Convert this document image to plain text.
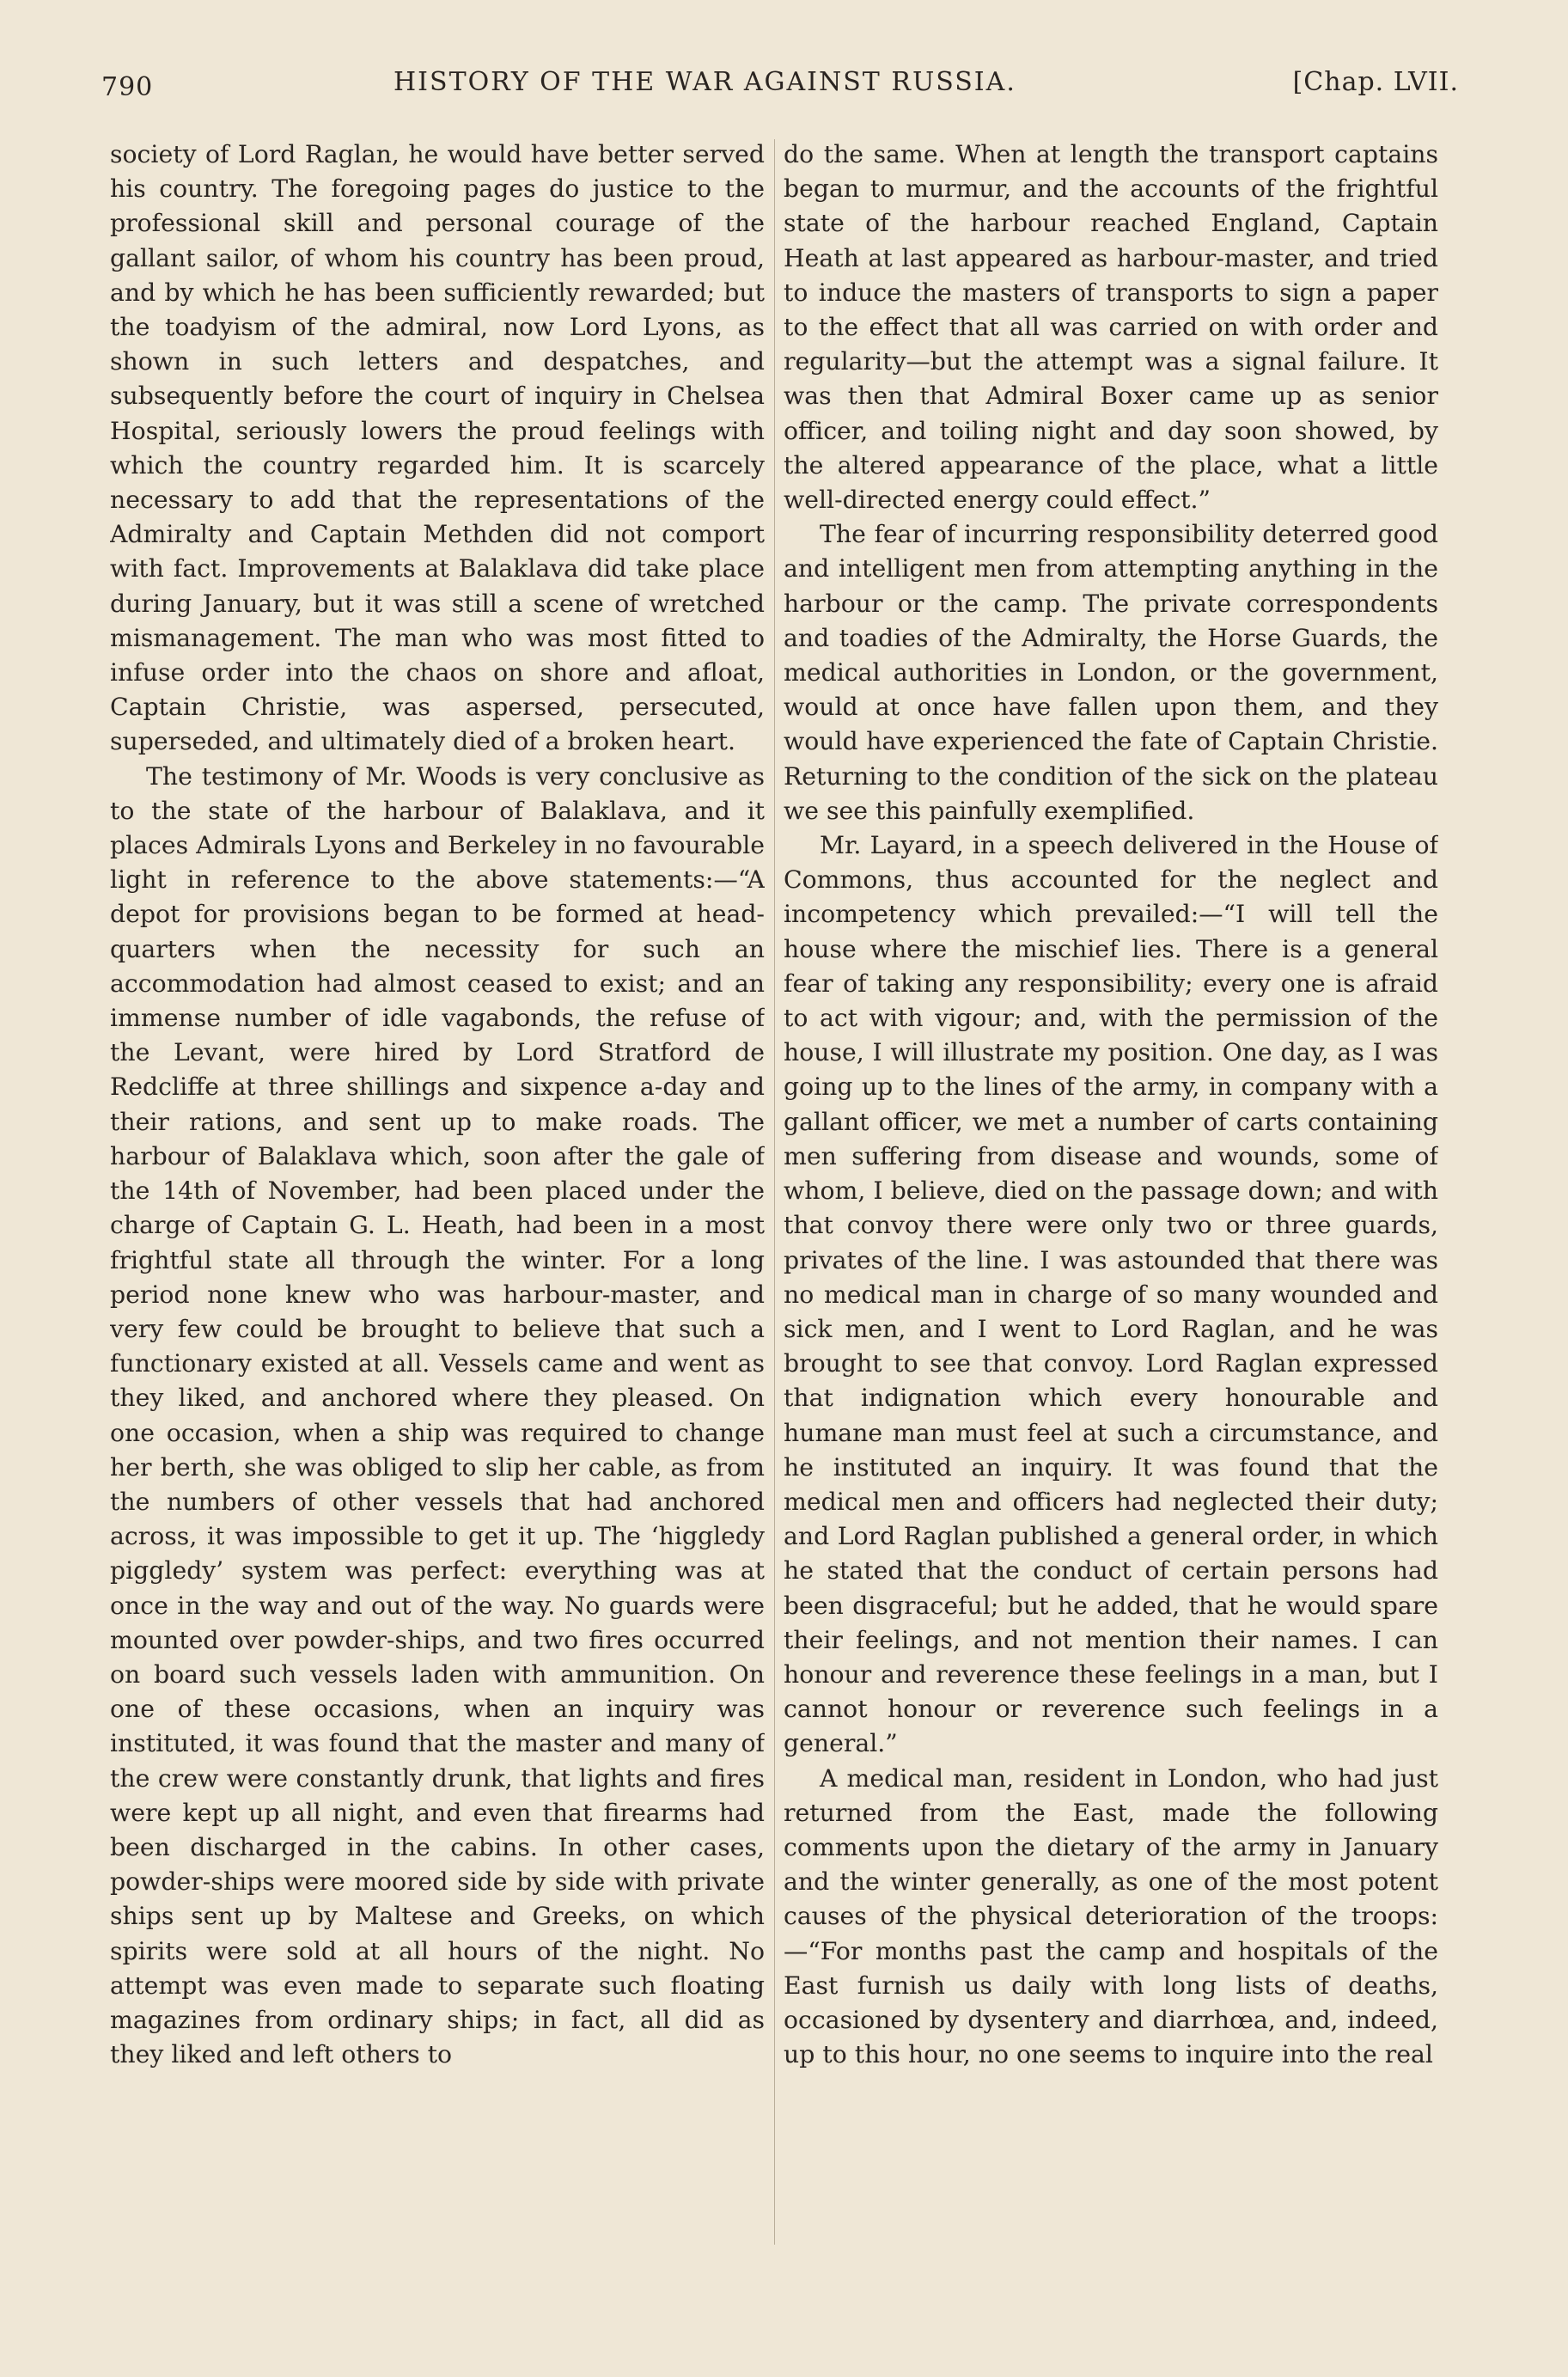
790	HISTORY OF THE WAR AGAINST RUSSIA.	[Chap. LVII.

society of Lord Raglan, he would have better served his country. The foregoing pages do justice to the professional skill and personal courage of the gallant sailor, of whom his country has been proud, and by which he has been sufficiently rewarded; but the toadyism of the admiral, now Lord Lyons, as shown in such letters and despatches, and subsequently before the court of inquiry in Chelsea Hospital, seriously lowers the proud feelings with which the country regarded him. It is scarcely necessary to add that the representations of the Admiralty and Captain Methden did not comport with fact. Improvements at Balaklava did take place during January, but it was still a scene of wretched mismanagement. The man who was most fitted to infuse order into the chaos on shore and afloat, Captain Christie, was aspersed, persecuted, superseded, and ultimately died of a broken heart.

The testimony of Mr. Woods is very conclusive as to the state of the harbour of Balaklava, and it places Admirals Lyons and Berkeley in no favourable light in reference to the above statements:—“A depot for provisions began to be formed at head-quarters when the necessity for such an accommodation had almost ceased to exist; and an immense number of idle vagabonds, the refuse of the Levant, were hired by Lord Stratford de Redcliffe at three shillings and sixpence a-day and their rations, and sent up to make roads. The harbour of Balaklava which, soon after the gale of the 14th of November, had been placed under the charge of Captain G. L. Heath, had been in a most frightful state all through the winter. For a long period none knew who was harbour-master, and very few could be brought to believe that such a functionary existed at all. Vessels came and went as they liked, and anchored where they pleased. On one occasion, when a ship was required to change her berth, she was obliged to slip her cable, as from the numbers of other vessels that had anchored across, it was impossible to get it up. The ‘higgledy piggledy’ system was perfect: everything was at once in the way and out of the way. No guards were mounted over powder-ships, and two fires occurred on board such vessels laden with ammunition. On one of these occasions, when an inquiry was instituted, it was found that the master and many of the crew were constantly drunk, that lights and fires were kept up all night, and even that firearms had been discharged in the cabins. In other cases, powder-ships were moored side by side with private ships sent up by Maltese and Greeks, on which spirits were sold at all hours of the night. No attempt was even made to separate such floating magazines from ordinary ships; in fact, all did as they liked and left others to

do the same. When at length the transport captains began to murmur, and the accounts of the frightful state of the harbour reached England, Captain Heath at last appeared as harbour-master, and tried to induce the masters of transports to sign a paper to the effect that all was carried on with order and regularity—but the attempt was a signal failure. It was then that Admiral Boxer came up as senior officer, and toiling night and day soon showed, by the altered appearance of the place, what a little well-directed energy could effect.”

The fear of incurring responsibility deterred good and intelligent men from attempting anything in the harbour or the camp. The private correspondents and toadies of the Admiralty, the Horse Guards, the medical authorities in London, or the government, would at once have fallen upon them, and they would have experienced the fate of Captain Christie. Returning to the condition of the sick on the plateau we see this painfully exemplified.

Mr. Layard, in a speech delivered in the House of Commons, thus accounted for the neglect and incompetency which prevailed:—“I will tell the house where the mischief lies. There is a general fear of taking any responsibility; every one is afraid to act with vigour; and, with the permission of the house, I will illustrate my position. One day, as I was going up to the lines of the army, in company with a gallant officer, we met a number of carts containing men suffering from disease and wounds, some of whom, I believe, died on the passage down; and with that convoy there were only two or three guards, privates of the line. I was astounded that there was no medical man in charge of so many wounded and sick men, and I went to Lord Raglan, and he was brought to see that convoy. Lord Raglan expressed that indignation which every honourable and humane man must feel at such a circumstance, and he instituted an inquiry. It was found that the medical men and officers had neglected their duty; and Lord Raglan published a general order, in which he stated that the conduct of certain persons had been disgraceful; but he added, that he would spare their feelings, and not mention their names. I can honour and reverence these feelings in a man, but I cannot honour or reverence such feelings in a general.”

A medical man, resident in London, who had just returned from the East, made the following comments upon the dietary of the army in January and the winter generally, as one of the most potent causes of the physical deterioration of the troops:—“For months past the camp and hospitals of the East furnish us daily with long lists of deaths, occasioned by dysentery and diarrhœa, and, indeed, up to this hour, no one seems to inquire into the real
